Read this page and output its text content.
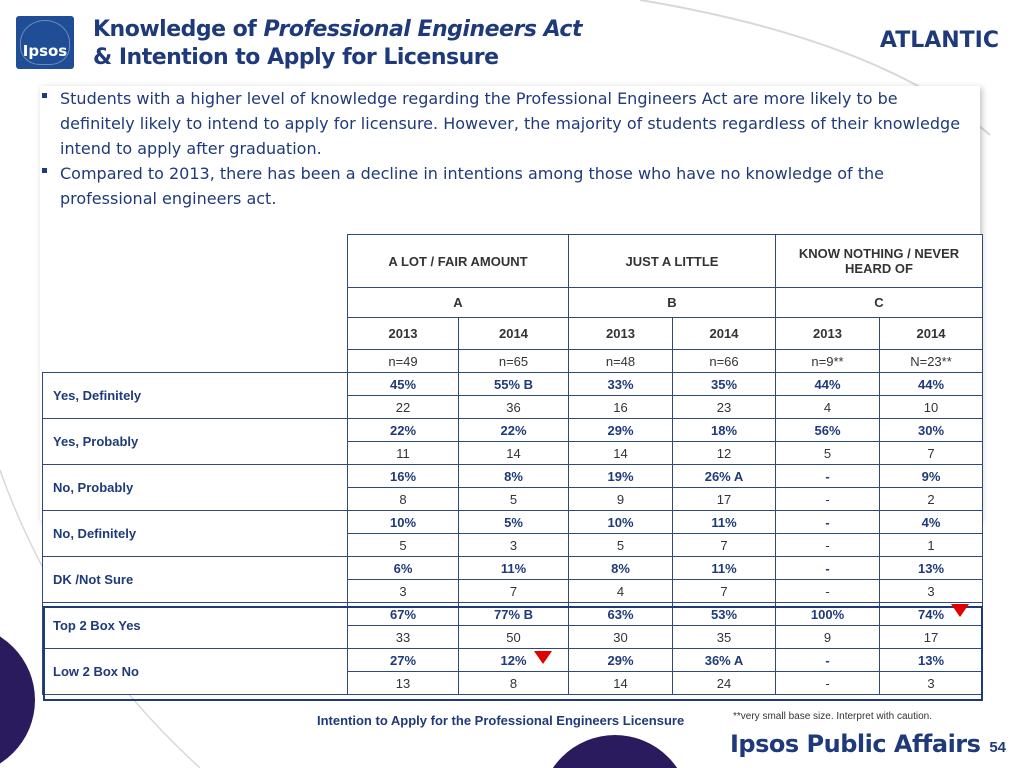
Ipsos
Knowledge of Professional Engineers Act
& Intention to Apply for Licensure
ATLANTIC
Students with a higher level of knowledge regarding the Professional Engineers Act are more likely to be definitely likely to intend to apply for licensure. However, the majority of students regardless of their knowledge intend to apply after graduation.
Compared to 2013, there has been a decline in intentions among those who have no knowledge of the professional engineers act.
	A LOT / FAIR AMOUNT		JUST A LITTLE		KNOW NOTHING / NEVER HEARD OF	
	A		B		C	
	2013	2014	2013	2014	2013	2014
	n=49	n=65	n=48	n=66	n=9**	N=23**
Yes, Definitely	45%	55% B	33%	35%	44%	44%
	22	36	16	23	4	10
Yes, Probably	22%	22%	29%	18%	56%	30%
	11	14	14	12	5	7
No, Probably	16%	8%	19%	26% A	-	9%
	8	5	9	17	-	2
No, Definitely	10%	5%	10%	11%	-	4%
	5	3	5	7	-	1
DK /Not Sure	6%	11%	8%	11%	-	13%
	3	7	4	7	-	3
Top 2 Box Yes	67%	77% B	63%	53%	100%	74%
	33	50	30	35	9	17
Low 2 Box No	27%	12%	29%	36% A	-	13%
	13	8	14	24	-	3
Intention to Apply for the Professional Engineers Licensure	**very small base size. Interpret with caution.
Ipsos Public Affairs 54
